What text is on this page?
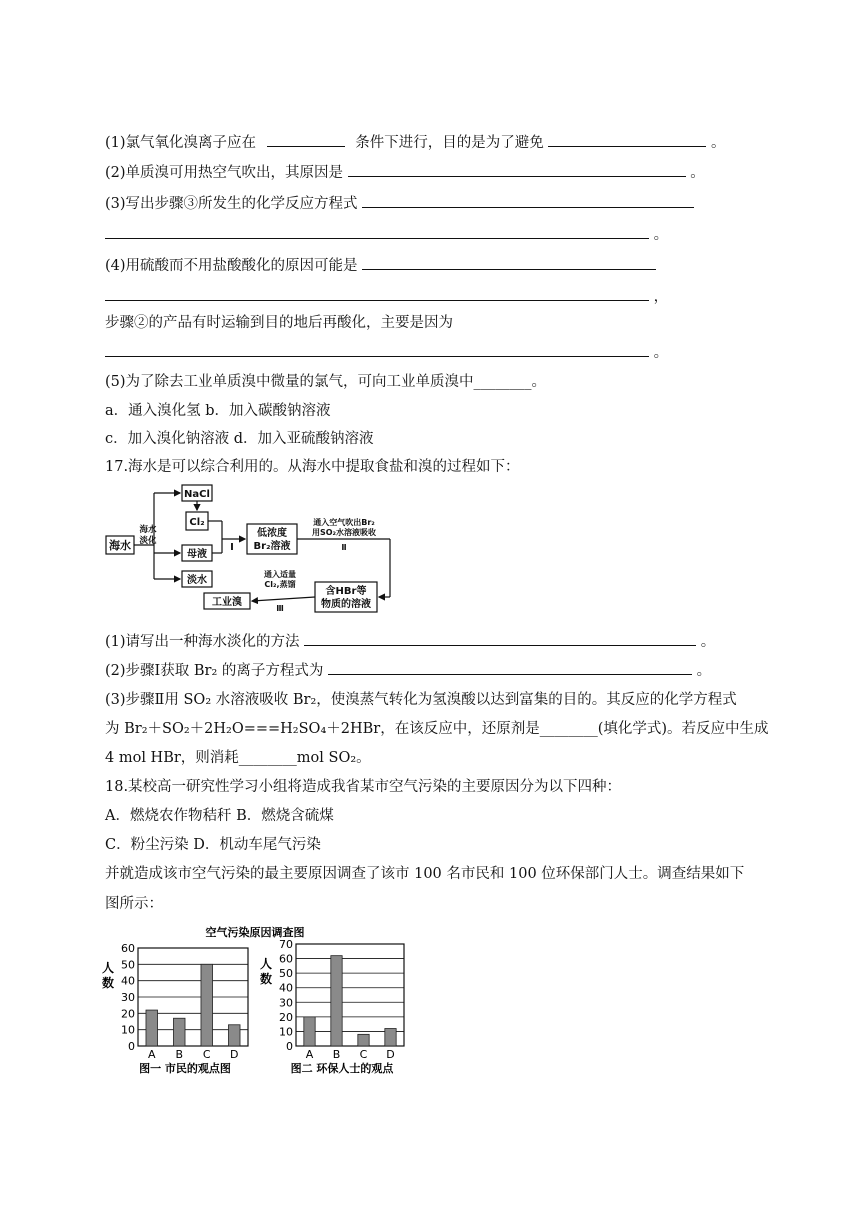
(1)氯气氧化溴离子应在	条件下进行，目的是为了避免	。
(2)单质溴可用热空气吹出，其原因是	。
(3)写出步骤③所发生的化学反应方程式
。
(4)用硫酸而不用盐酸酸化的原因可能是
，
步骤②的产品有时运输到目的地后再酸化，主要是因为
。
(5)为了除去工业单质溴中微量的氯气，可向工业单质溴中________。
a．通入溴化氢 b．加入碳酸钠溶液
c．加入溴化钠溶液 d．加入亚硫酸钠溶液
17.海水是可以综合利用的。从海水中提取食盐和溴的过程如下：
海水
海水
淡化
NaCl
Cl₂
母液
淡水
Ⅰ
低浓度
Br₂溶液
通入空气吹出Br₂
用SO₂水溶液吸收
Ⅱ
含HBr等
物质的溶液
通入适量
Cl₂,蒸馏
Ⅲ
工业溴
(1)请写出一种海水淡化的方法	。
(2)步骤Ⅰ获取 Br₂ 的离子方程式为	。
(3)步骤Ⅱ用 SO₂ 水溶液吸收 Br₂，使溴蒸气转化为氢溴酸以达到富集的目的。其反应的化学方程式
为 Br₂＋SO₂＋2H₂O===H₂SO₄＋2HBr，在该反应中，还原剂是________(填化学式)。若反应中生成
4 mol HBr，则消耗________mol SO₂。
18.某校高一研究性学习小组将造成我省某市空气污染的主要原因分为以下四种：
A．燃烧农作物秸秆 B．燃烧含硫煤
C．粉尘污染 D．机动车尾气污染
并就造成该市空气污染的最主要原因调查了该市 100 名市民和 100 位环保部门人士。调查结果如下
图所示：
空气污染原因调查图
0
10
20
30
40
50
60
人
数
A B C D
图一 市民的观点图
0
10
20
30
40
50
60
70
人
数
A B C D
图二 环保人士的观点
